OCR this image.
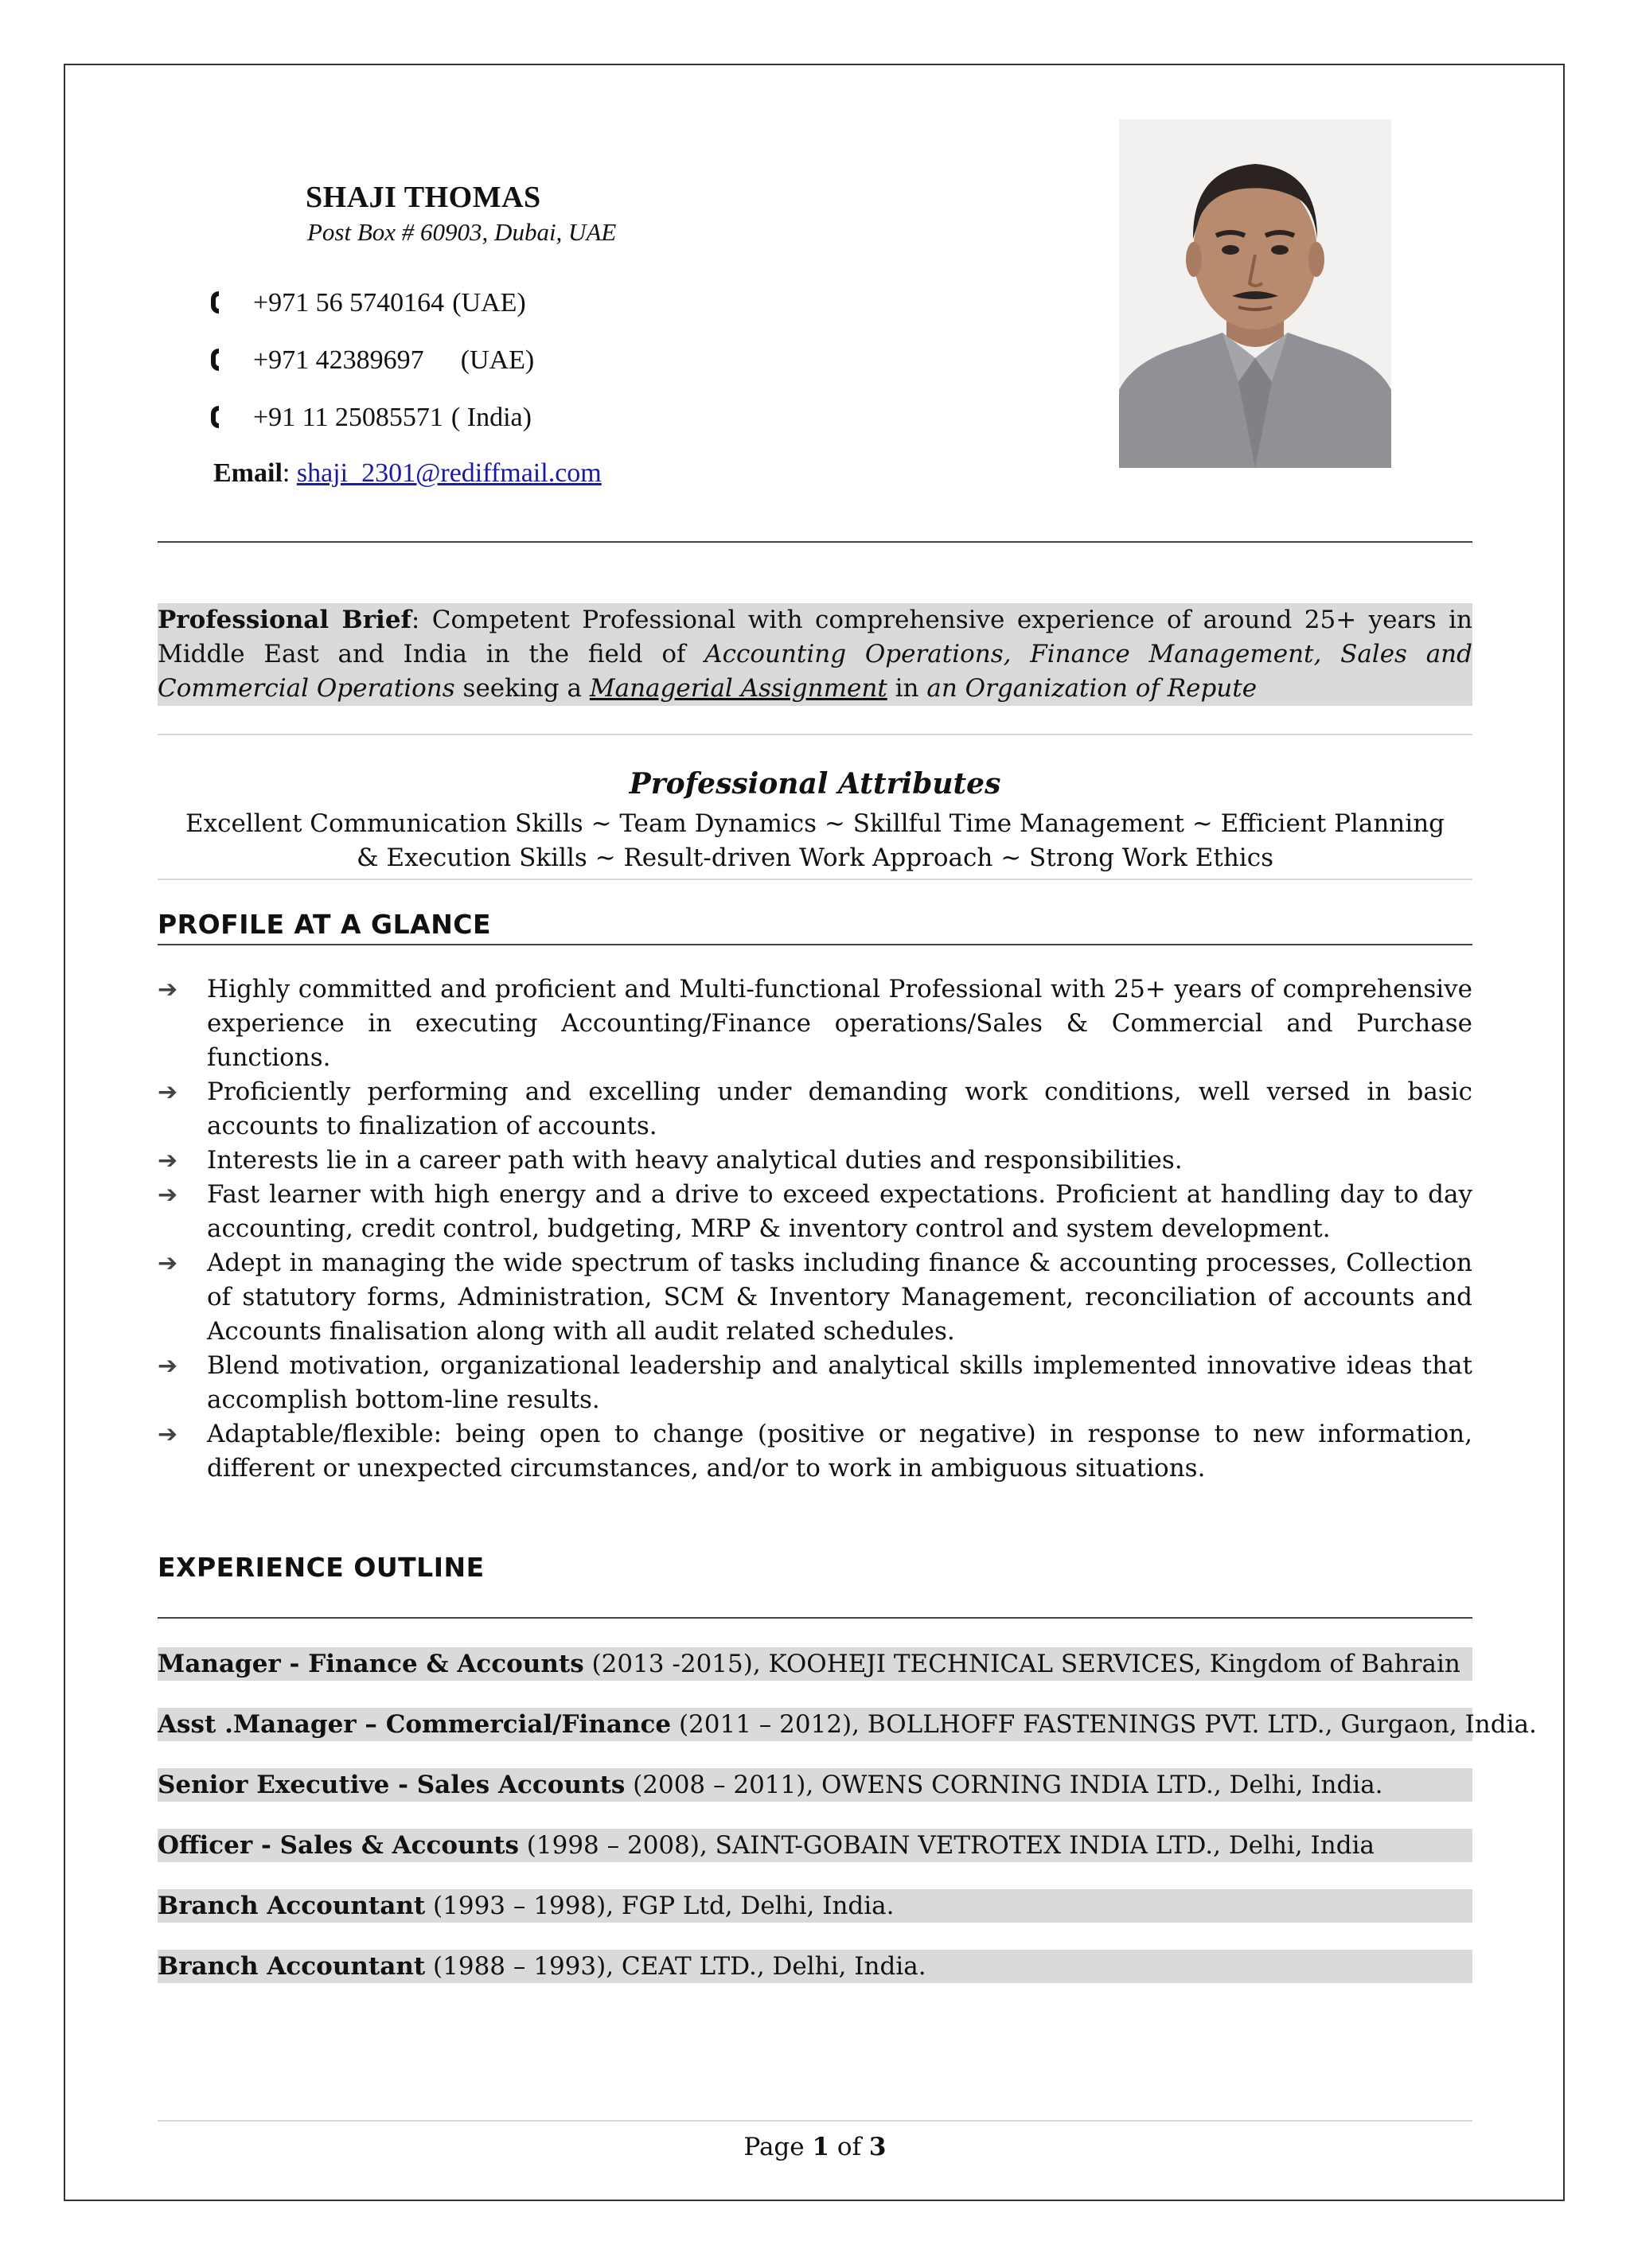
SHAJI THOMAS
Post Box # 60903, Dubai, UAE
+971 56 5740164 (UAE)
+971 42389697 (UAE)
+91 11 25085571 ( India)
Email: shaji_2301@rediffmail.com
Professional Brief: Competent Professional with comprehensive experience of around 25+ years in Middle East and India in the field of Accounting Operations, Finance Management, Sales and Commercial Operations seeking a Managerial Assignment in an Organization of Repute
Professional Attributes
Excellent Communication Skills ~ Team Dynamics ~ Skillful Time Management ~ Efficient Planning & Execution Skills ~ Result-driven Work Approach ~ Strong Work Ethics
PROFILE AT A GLANCE
➔ Highly committed and proficient and Multi-functional Professional with 25+ years of comprehensive experience in executing Accounting/Finance operations/Sales & Commercial and Purchase functions.
➔ Proficiently performing and excelling under demanding work conditions, well versed in basic accounts to finalization of accounts.
➔ Interests lie in a career path with heavy analytical duties and responsibilities.
➔ Fast learner with high energy and a drive to exceed expectations. Proficient at handling day to day accounting, credit control, budgeting, MRP & inventory control and system development.
➔ Adept in managing the wide spectrum of tasks including finance & accounting processes, Collection of statutory forms, Administration, SCM & Inventory Management, reconciliation of accounts and Accounts finalisation along with all audit related schedules.
➔ Blend motivation, organizational leadership and analytical skills implemented innovative ideas that accomplish bottom-line results.
➔ Adaptable/flexible: being open to change (positive or negative) in response to new information, different or unexpected circumstances, and/or to work in ambiguous situations.
EXPERIENCE OUTLINE
Manager - Finance & Accounts (2013 -2015), KOOHEJI TECHNICAL SERVICES, Kingdom of Bahrain
Asst .Manager – Commercial/Finance (2011 – 2012), BOLLHOFF FASTENINGS PVT. LTD., Gurgaon, India.
Senior Executive - Sales Accounts (2008 – 2011), OWENS CORNING INDIA LTD., Delhi, India.
Officer - Sales & Accounts (1998 – 2008), SAINT-GOBAIN VETROTEX INDIA LTD., Delhi, India
Branch Accountant (1993 – 1998), FGP Ltd, Delhi, India.
Branch Accountant (1988 – 1993), CEAT LTD., Delhi, India.
Page 1 of 3
